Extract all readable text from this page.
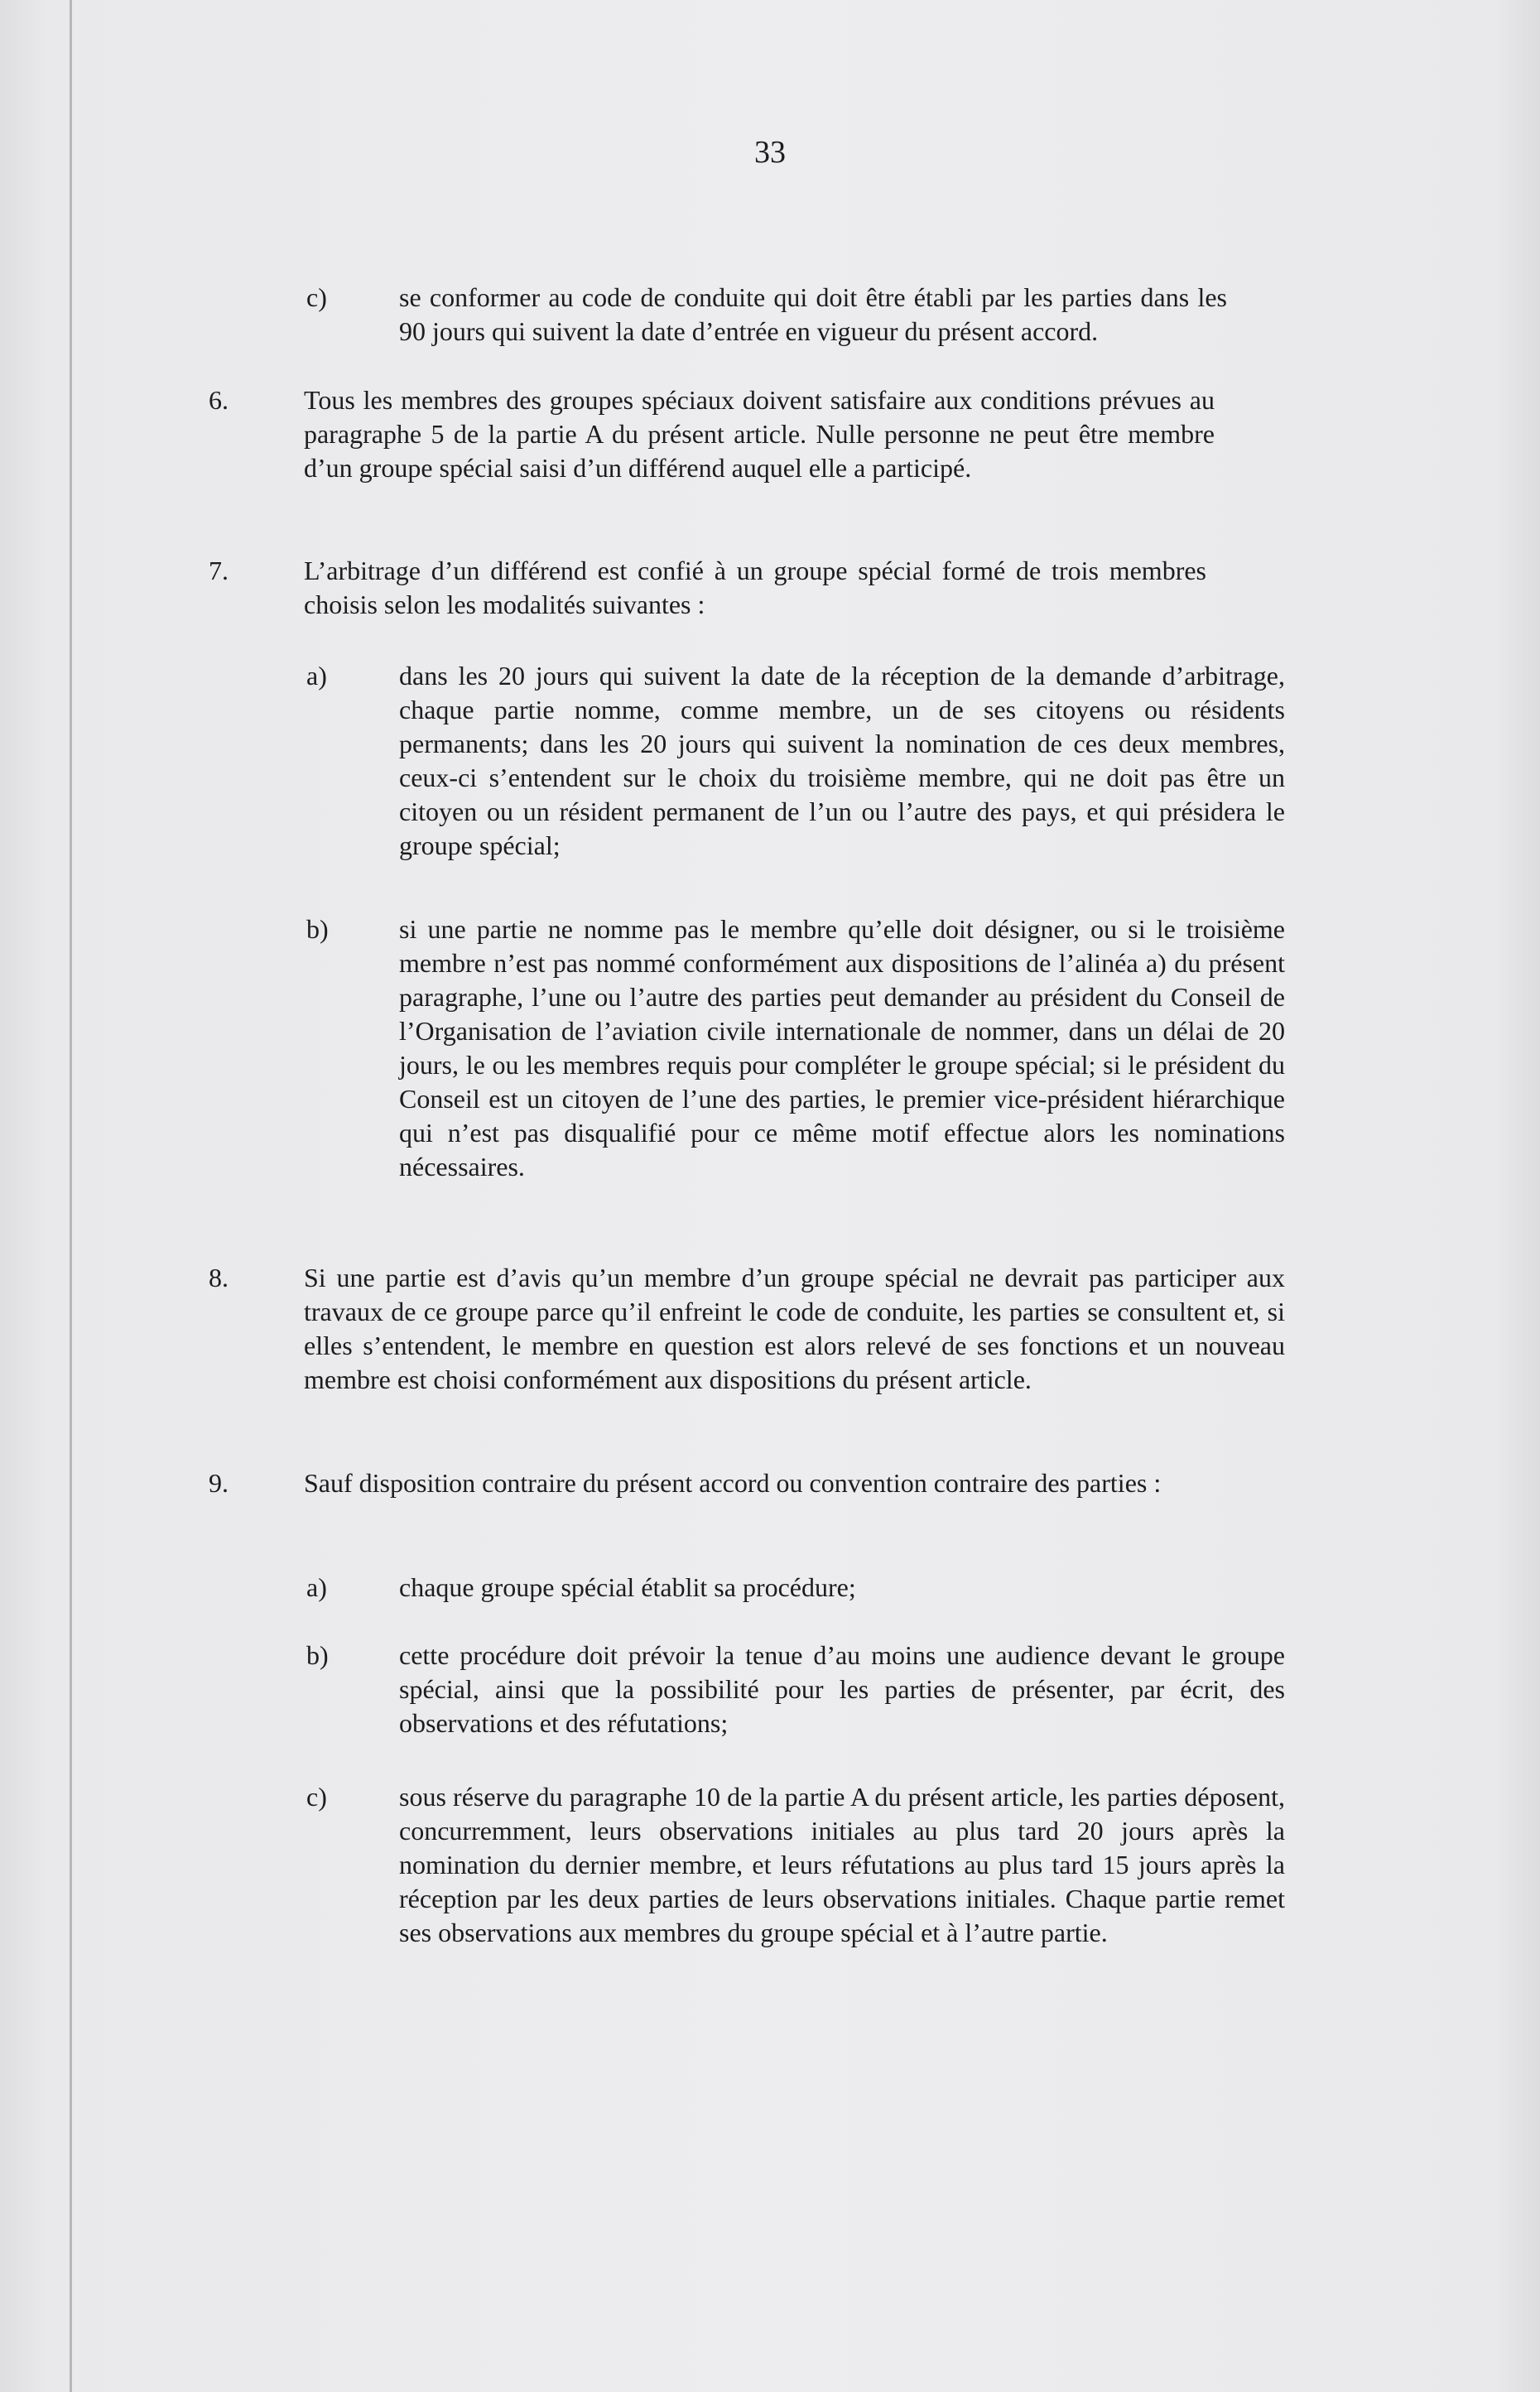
33
c)	se conformer au code de conduite qui doit être établi par les parties dans les 90 jours qui suivent la date d’entrée en vigueur du présent accord.
6.	Tous les membres des groupes spéciaux doivent satisfaire aux conditions prévues au paragraphe 5 de la partie A du présent article. Nulle personne ne peut être membre d’un groupe spécial saisi d’un différend auquel elle a participé.
7.	L’arbitrage d’un différend est confié à un groupe spécial formé de trois membres choisis selon les modalités suivantes :
a)	dans les 20 jours qui suivent la date de la réception de la demande d’arbitrage, chaque partie nomme, comme membre, un de ses citoyens ou résidents permanents; dans les 20 jours qui suivent la nomination de ces deux membres, ceux-ci s’entendent sur le choix du troisième membre, qui ne doit pas être un citoyen ou un résident permanent de l’un ou l’autre des pays, et qui présidera le groupe spécial;
b)	si une partie ne nomme pas le membre qu’elle doit désigner, ou si le troisième membre n’est pas nommé conformément aux dispositions de l’alinéa a) du présent paragraphe, l’une ou l’autre des parties peut demander au président du Conseil de l’Organisation de l’aviation civile internationale de nommer, dans un délai de 20 jours, le ou les membres requis pour compléter le groupe spécial; si le président du Conseil est un citoyen de l’une des parties, le premier vice-président hiérarchique qui n’est pas disqualifié pour ce même motif effectue alors les nominations nécessaires.
8.	Si une partie est d’avis qu’un membre d’un groupe spécial ne devrait pas participer aux travaux de ce groupe parce qu’il enfreint le code de conduite, les parties se consultent et, si elles s’entendent, le membre en question est alors relevé de ses fonctions et un nouveau membre est choisi conformément aux dispositions du présent article.
9.	Sauf disposition contraire du présent accord ou convention contraire des parties :
a)	chaque groupe spécial établit sa procédure;
b)	cette procédure doit prévoir la tenue d’au moins une audience devant le groupe spécial, ainsi que la possibilité pour les parties de présenter, par écrit, des observations et des réfutations;
c)	sous réserve du paragraphe 10 de la partie A du présent article, les parties déposent, concurremment, leurs observations initiales au plus tard 20 jours après la nomination du dernier membre, et leurs réfutations au plus tard 15 jours après la réception par les deux parties de leurs observations initiales. Chaque partie remet ses observations aux membres du groupe spécial et à l’autre partie.
